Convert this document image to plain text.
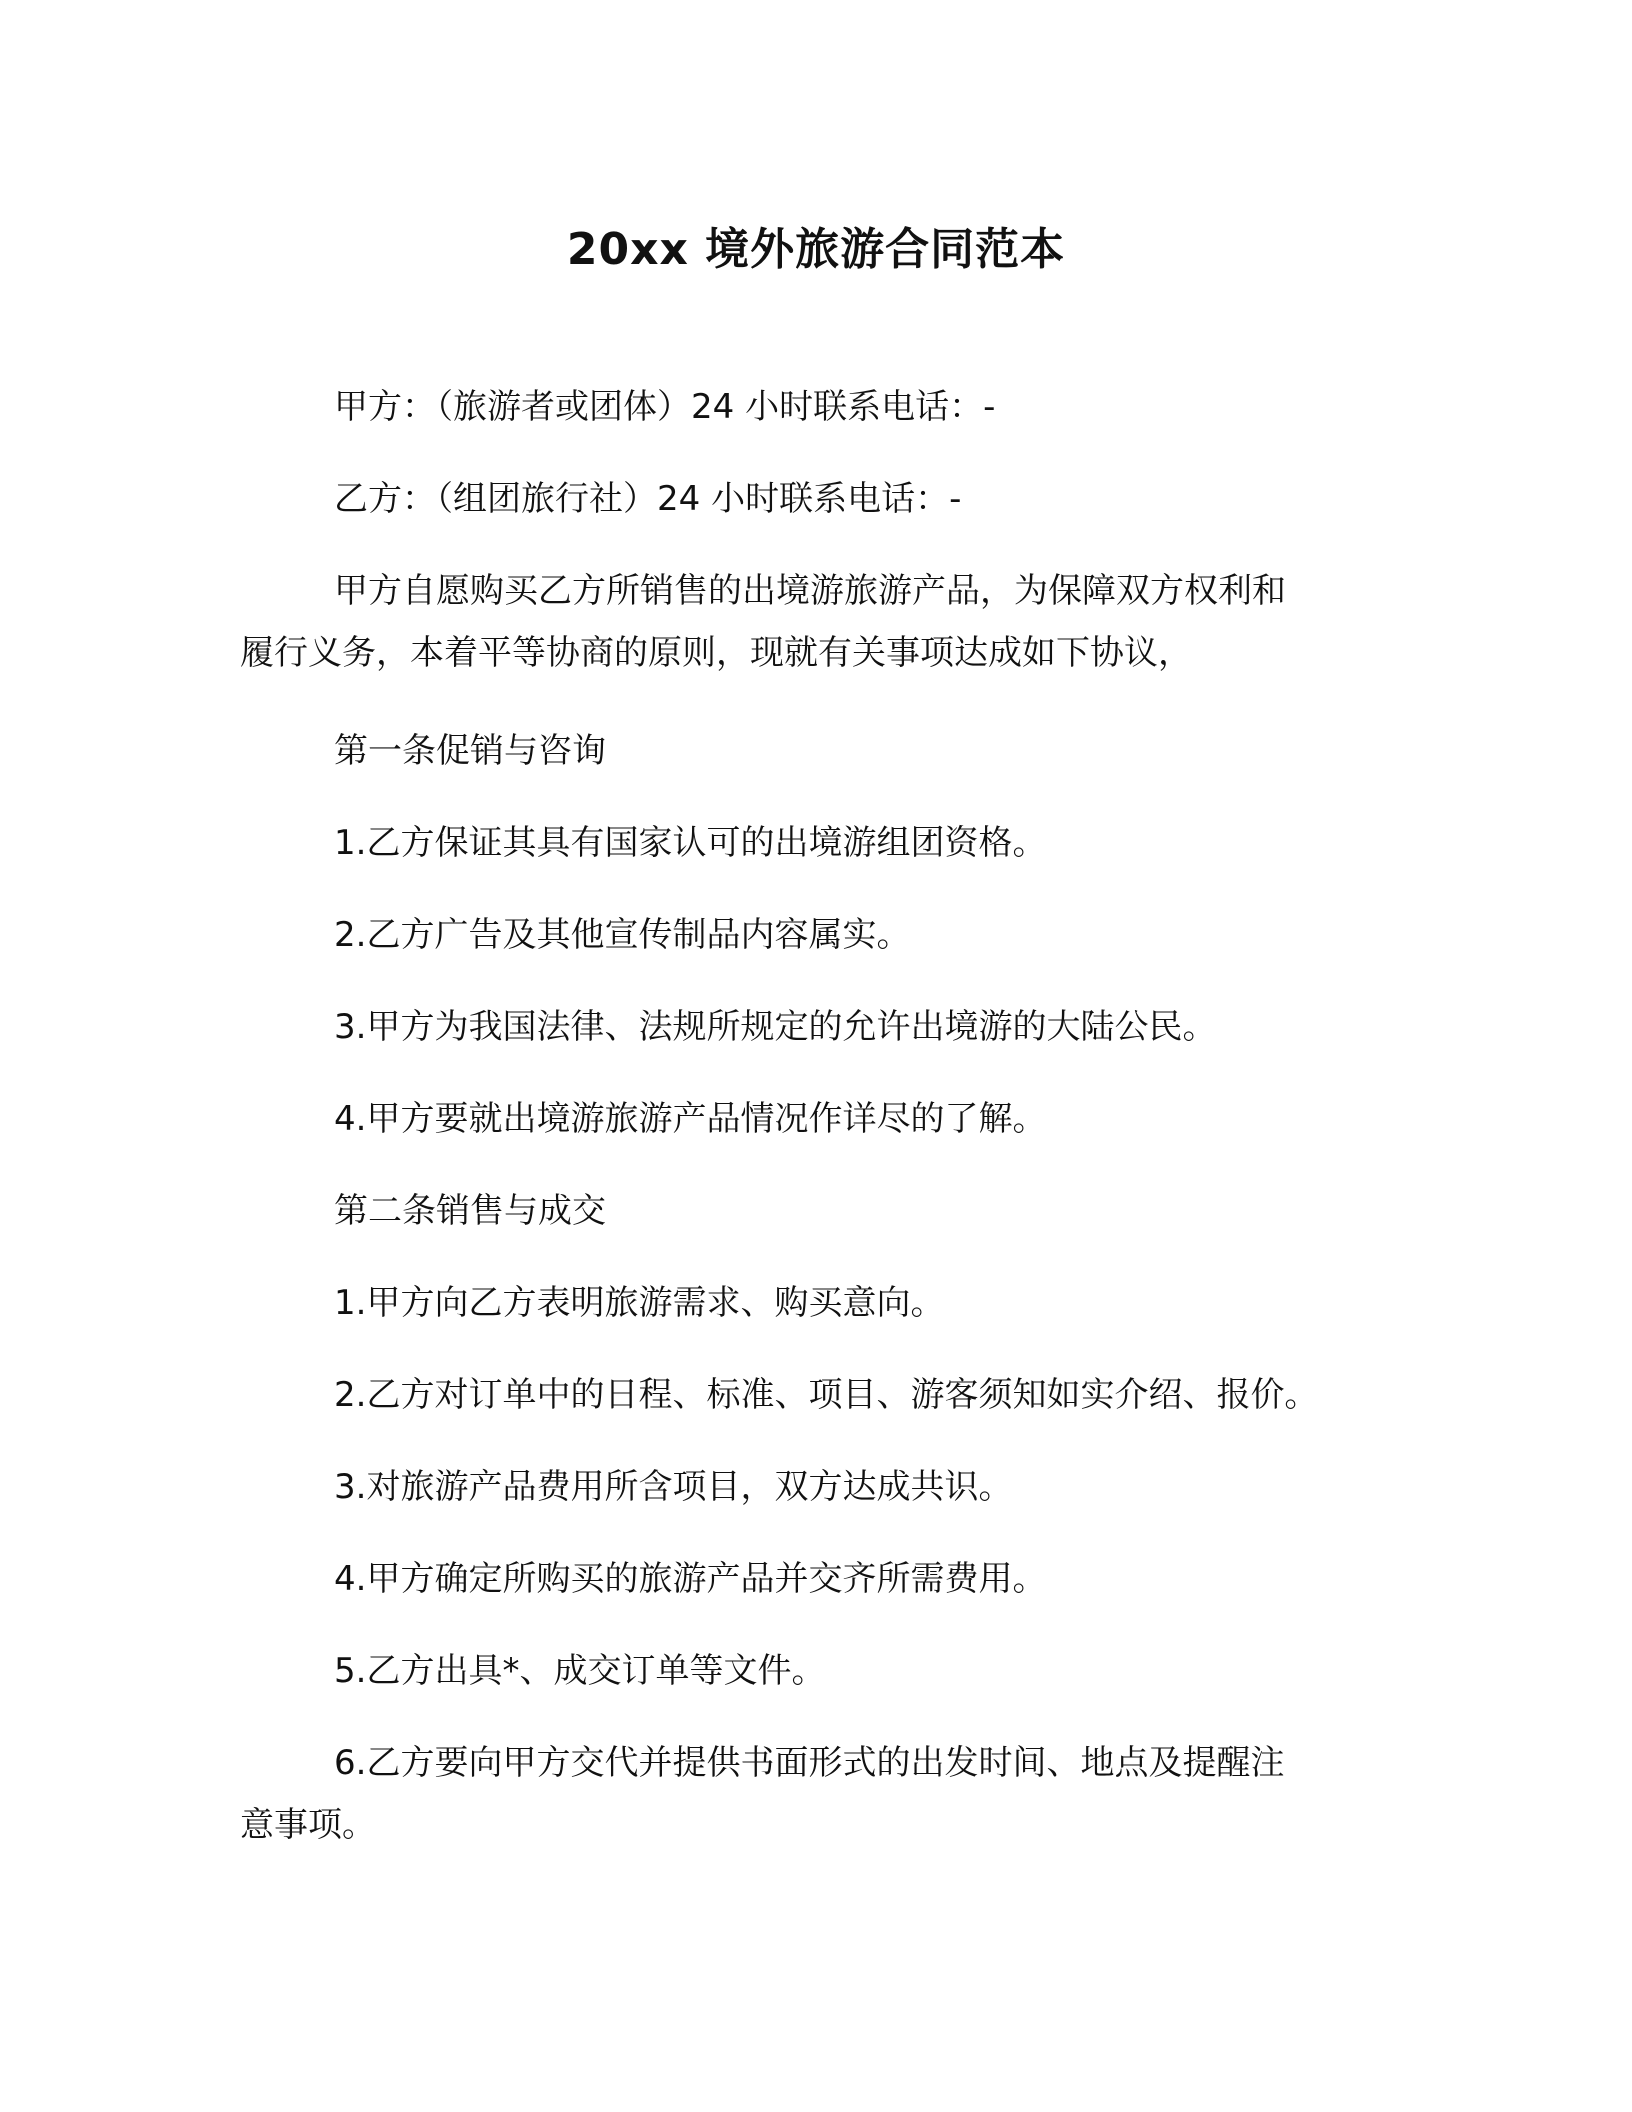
20xx 境外旅游合同范本
甲方：（旅游者或团体）24 小时联系电话：-
乙方：（组团旅行社）24 小时联系电话：-
甲方自愿购买乙方所销售的出境游旅游产品，为保障双方权利和
履行义务，本着平等协商的原则，现就有关事项达成如下协议，
第一条促销与咨询
1.乙方保证其具有国家认可的出境游组团资格。
2.乙方广告及其他宣传制品内容属实。
3.甲方为我国法律、法规所规定的允许出境游的大陆公民。
4.甲方要就出境游旅游产品情况作详尽的了解。
第二条销售与成交
1.甲方向乙方表明旅游需求、购买意向。
2.乙方对订单中的日程、标准、项目、游客须知如实介绍、报价。
3.对旅游产品费用所含项目，双方达成共识。
4.甲方确定所购买的旅游产品并交齐所需费用。
5.乙方出具*、成交订单等文件。
6.乙方要向甲方交代并提供书面形式的出发时间、地点及提醒注
意事项。
